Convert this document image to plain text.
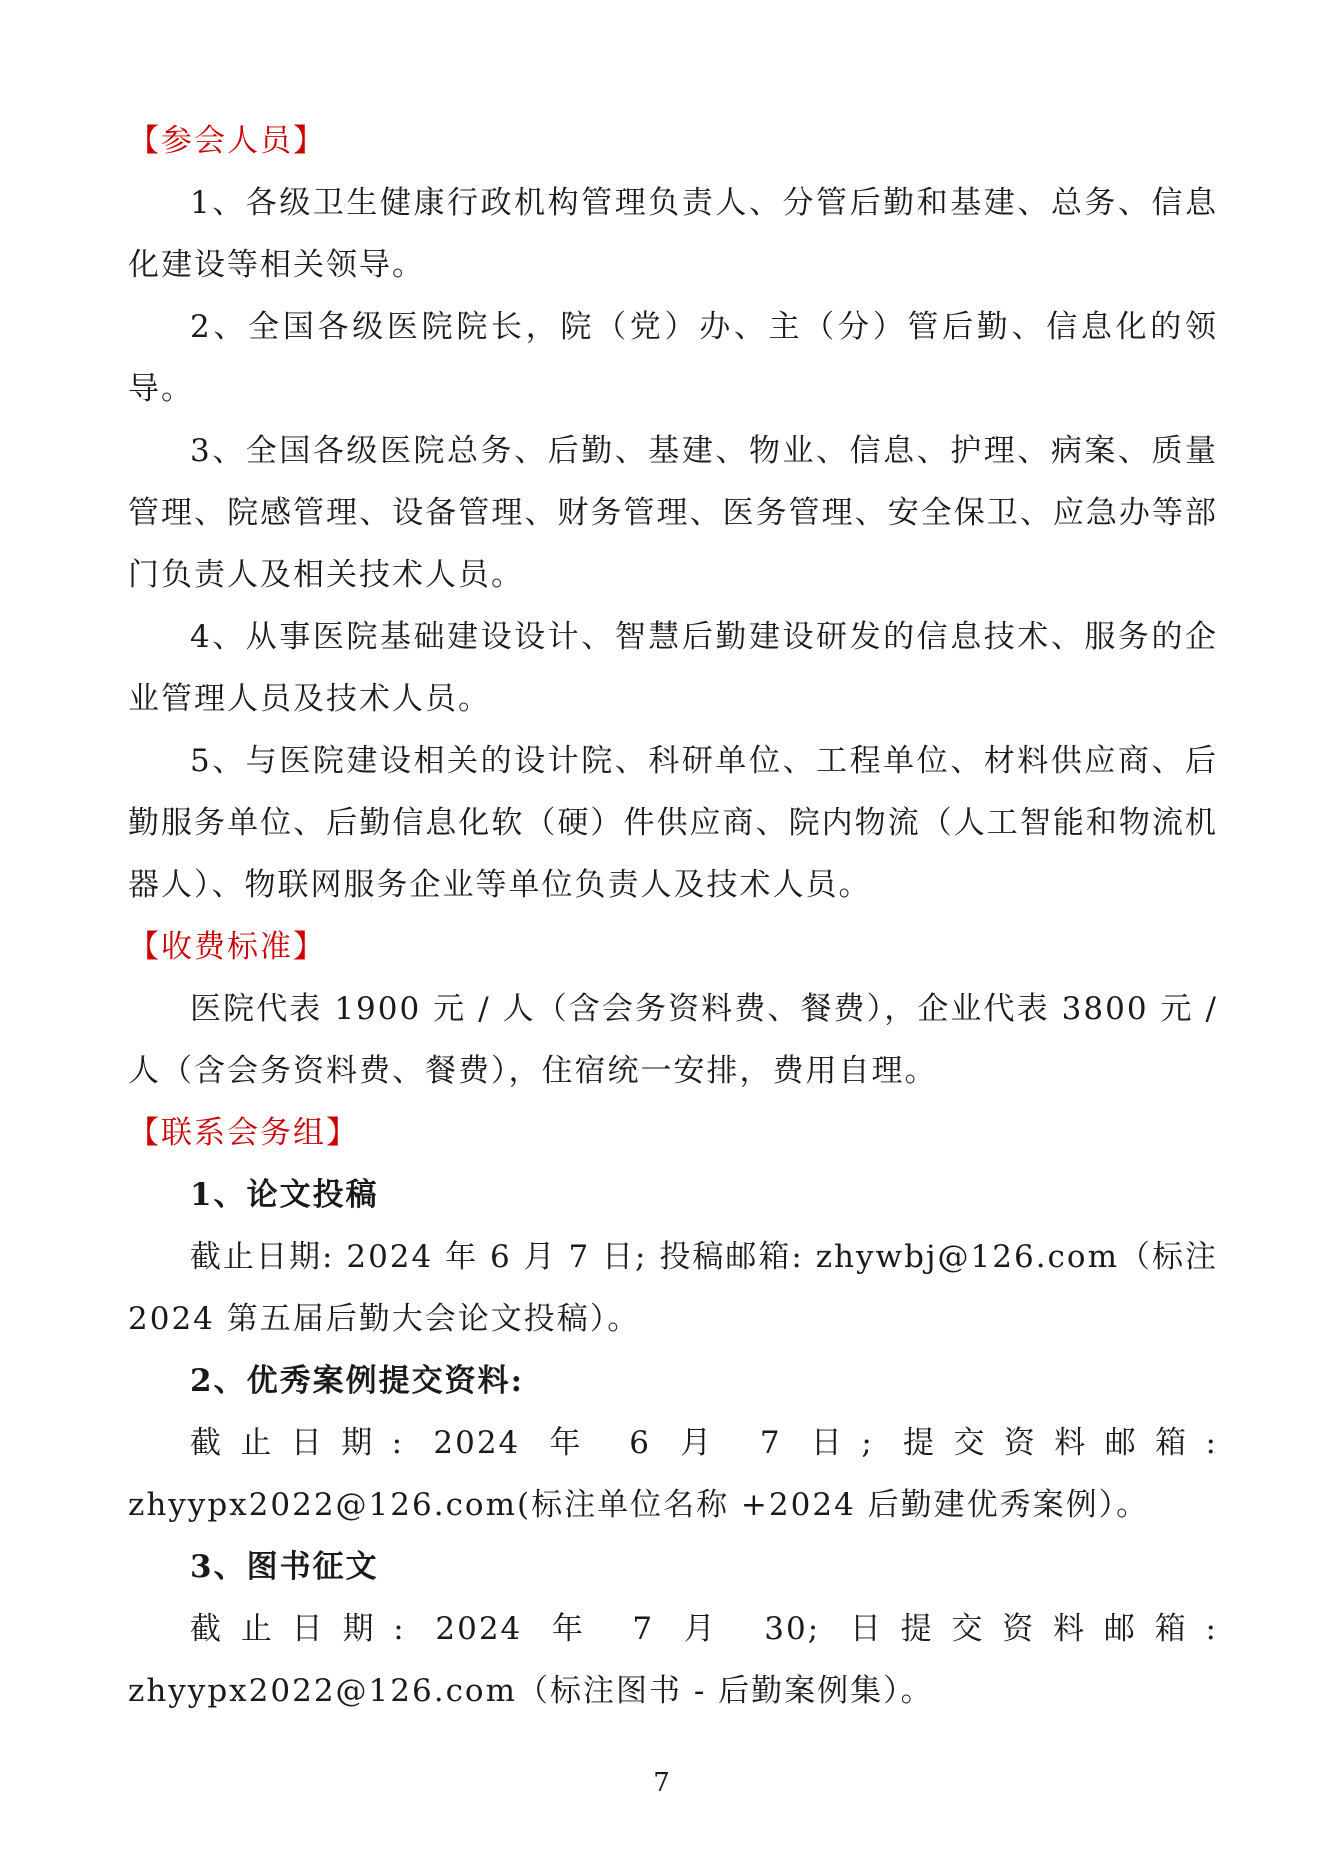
【参会人员】

1、各级卫生健康行政机构管理负责人、分管后勤和基建、总务、信息化建设等相关领导。

2、全国各级医院院长，院（党）办、主（分）管后勤、信息化的领导。

3、全国各级医院总务、后勤、基建、物业、信息、护理、病案、质量管理、院感管理、设备管理、财务管理、医务管理、安全保卫、应急办等部门负责人及相关技术人员。

4、从事医院基础建设设计、智慧后勤建设研发的信息技术、服务的企业管理人员及技术人员。

5、与医院建设相关的设计院、科研单位、工程单位、材料供应商、后勤服务单位、后勤信息化软（硬）件供应商、院内物流（人工智能和物流机器人）、物联网服务企业等单位负责人及技术人员。

【收费标准】

医院代表 1900 元 / 人（含会务资料费、餐费），企业代表 3800 元 / 人（含会务资料费、餐费），住宿统一安排，费用自理。

【联系会务组】

1、论文投稿

截止日期: 2024 年 6 月 7 日; 投稿邮箱: zhywbj@126.com（标注 2024 第五届后勤大会论文投稿）。

2、优秀案例提交资料:

截止日期: 2024 年 6 月 7 日; 提交资料邮箱: zhyypx2022@126.com(标注单位名称 +2024 后勤建优秀案例）。

3、图书征文

截止日期: 2024 年 7 月 30; 日提交资料邮箱: zhyypx2022@126.com（标注图书 - 后勤案例集）。

7
